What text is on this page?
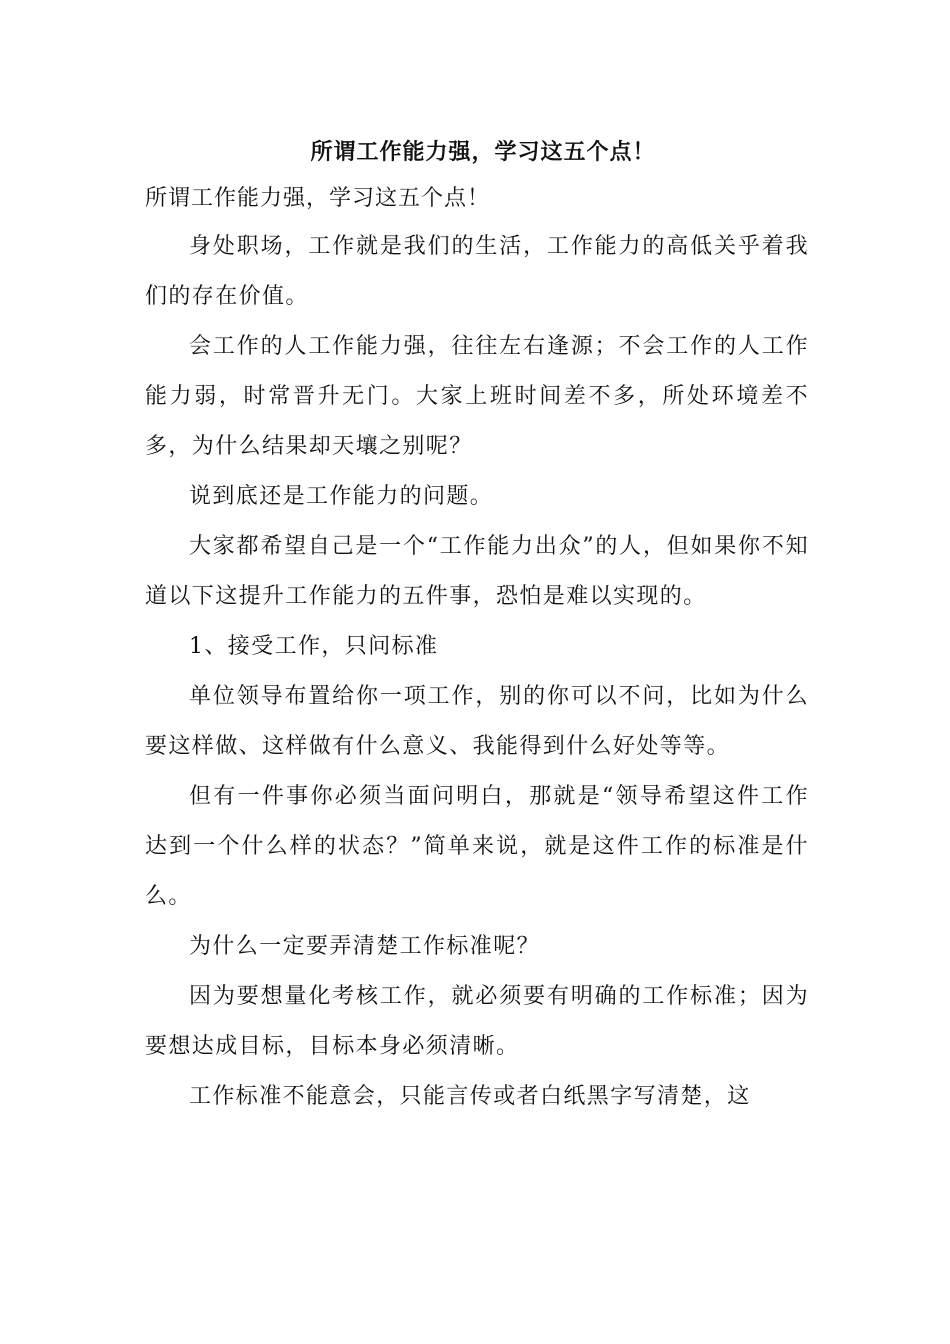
所谓工作能力强，学习这五个点！

所谓工作能力强，学习这五个点！

身处职场，工作就是我们的生活，工作能力的高低关乎着我们的存在价值。

会工作的人工作能力强，往往左右逢源；不会工作的人工作能力弱，时常晋升无门。大家上班时间差不多，所处环境差不多，为什么结果却天壤之别呢？

说到底还是工作能力的问题。

大家都希望自己是一个“工作能力出众”的人，但如果你不知道以下这提升工作能力的五件事，恐怕是难以实现的。

1、接受工作，只问标准

单位领导布置给你一项工作，别的你可以不问，比如为什么要这样做、这样做有什么意义、我能得到什么好处等等。

但有一件事你必须当面问明白，那就是“领导希望这件工作达到一个什么样的状态？”简单来说，就是这件工作的标准是什么。

为什么一定要弄清楚工作标准呢？

因为要想量化考核工作，就必须要有明确的工作标准；因为要想达成目标，目标本身必须清晰。

工作标准不能意会，只能言传或者白纸黑字写清楚，这
